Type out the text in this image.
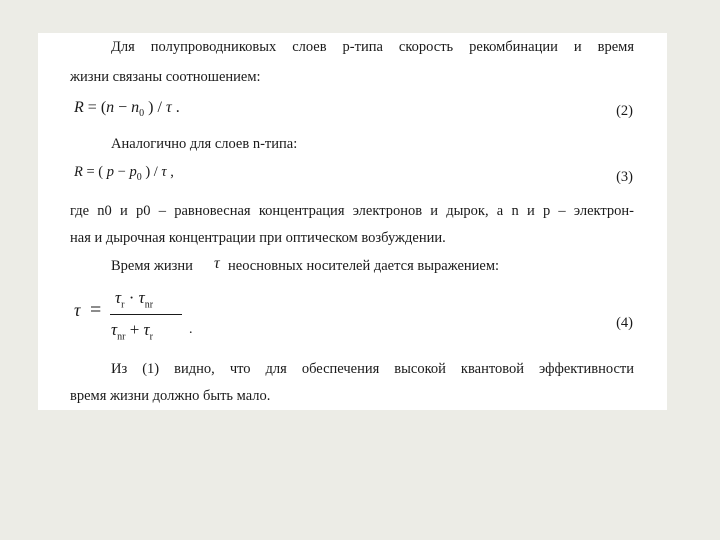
Для полупроводниковых слоев p-типа скорость рекомбинации и время
жизни связаны соотношением:
$R = (n - n_0$ ) / τ .	(2)
Аналогично для слоев n-типа:
R = ( $p - p_0$ ) / τ ,	(3)
где n0 и p0 – равновесная концентрация электронов и дырок, а n и p – электрон-
ная и дырочная концентрации при оптическом возбуждении.
Время жизни τ неосновных носителей дается выражением:
τ =
$\tau_r \cdot \tau_{nr}$
$\tau_{nr} + \tau_r$	.	(4)
Из (1) видно, что для обеспечения высокой квантовой эффективности
время жизни должно быть мало.
